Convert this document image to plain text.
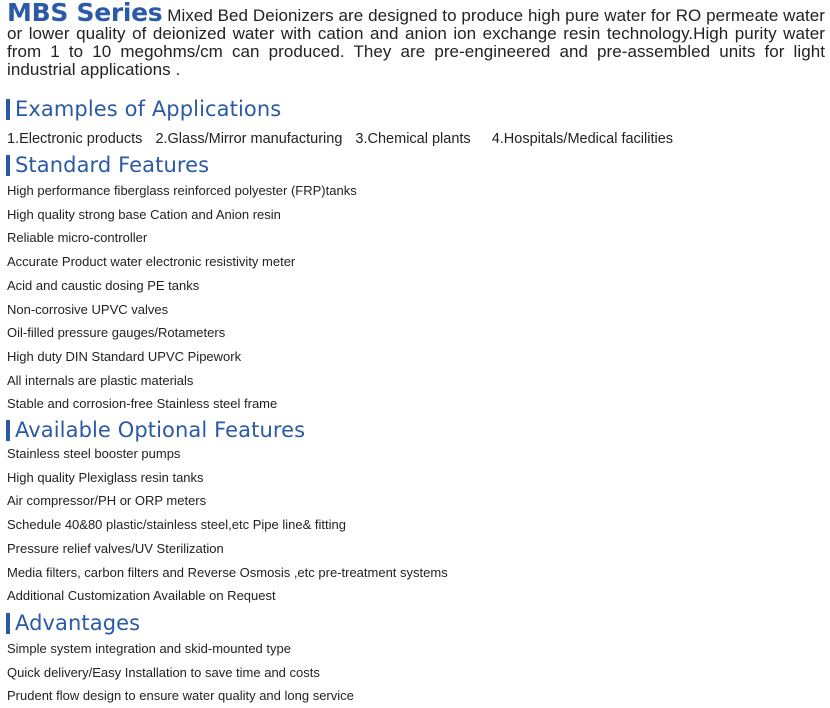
MBS Series Mixed Bed Deionizers are designed to produce high pure water for RO permeate water or lower quality of deionized water with cation and anion ion exchange resin technology.High purity water from 1 to 10 megohms/cm can produced. They are pre-engineered and pre-assembled units for light industrial applications .
Examples of Applications
1.Electronic products 2.Glass/Mirror manufacturing 3.Chemical plants 4.Hospitals/Medical facilities
Standard Features
High performance fiberglass reinforced polyester (FRP)tanks
High quality strong base Cation and Anion resin
Reliable micro-controller
Accurate Product water electronic resistivity meter
Acid and caustic dosing PE tanks
Non-corrosive UPVC valves
Oil-filled pressure gauges/Rotameters
High duty DIN Standard UPVC Pipework
All internals are plastic materials
Stable and corrosion-free Stainless steel frame
Available Optional Features
Stainless steel booster pumps
High quality Plexiglass resin tanks
Air compressor/PH or ORP meters
Schedule 40&80 plastic/stainless steel,etc Pipe line& fitting
Pressure relief valves/UV Sterilization
Media filters, carbon filters and Reverse Osmosis ,etc pre-treatment systems
Additional Customization Available on Request
Advantages
Simple system integration and skid-mounted type
Quick delivery/Easy Installation to save time and costs
Prudent flow design to ensure water quality and long service
